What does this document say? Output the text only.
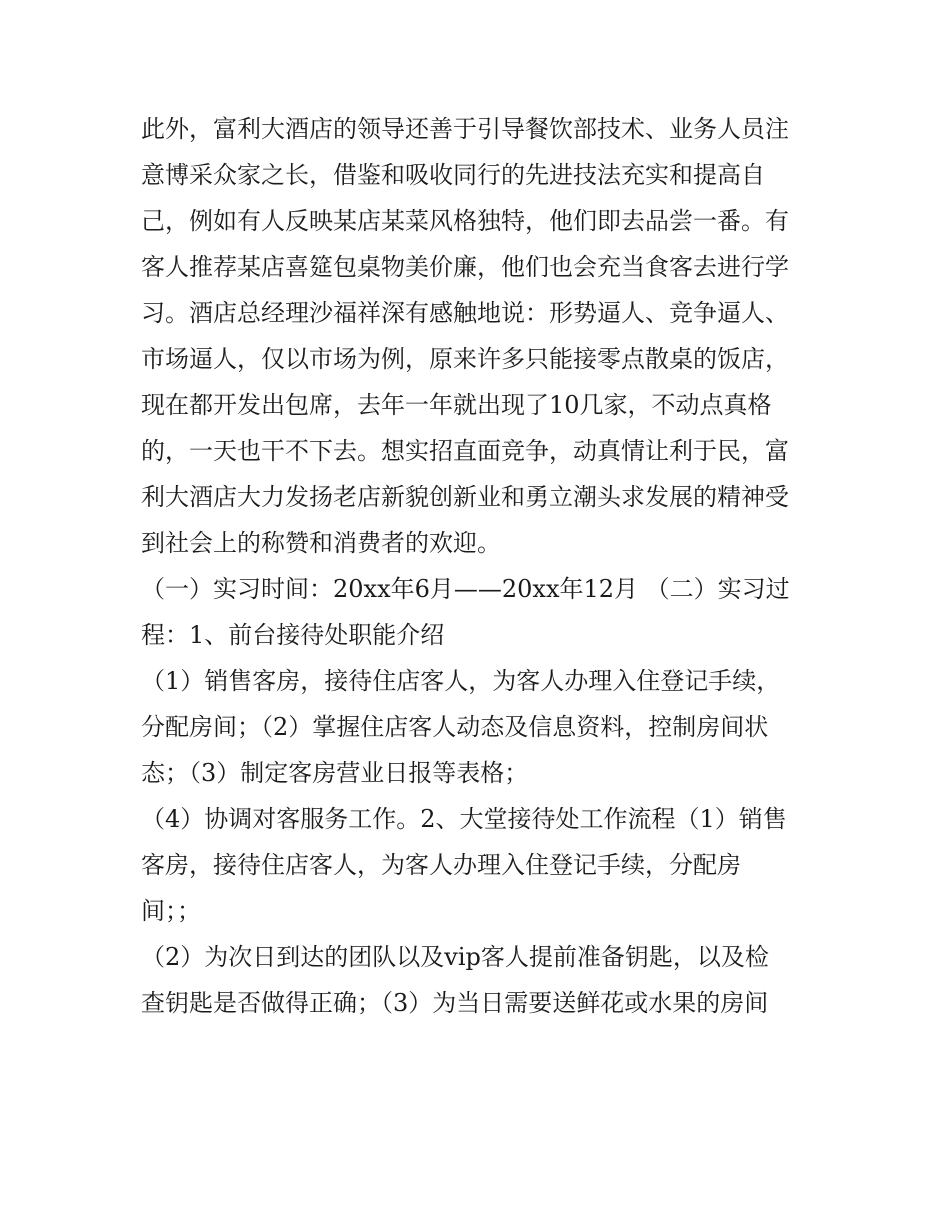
此外，富利大酒店的领导还善于引导餐饮部技术、业务人员注
意博采众家之长，借鉴和吸收同行的先进技法充实和提高自
己，例如有人反映某店某菜风格独特，他们即去品尝一番。有
客人推荐某店喜筵包桌物美价廉，他们也会充当食客去进行学
习。酒店总经理沙福祥深有感触地说：形势逼人、竞争逼人、
市场逼人，仅以市场为例，原来许多只能接零点散桌的饭店，
现在都开发出包席，去年一年就出现了10几家，不动点真格
的，一天也干不下去。想实招直面竞争，动真情让利于民，富
利大酒店大力发扬老店新貌创新业和勇立潮头求发展的精神受
到社会上的称赞和消费者的欢迎。
（一）实习时间：20xx年6月——20xx年12月 （二）实习过
程：1、前台接待处职能介绍
（1）销售客房，接待住店客人，为客人办理入住登记手续，
分配房间；（2）掌握住店客人动态及信息资料，控制房间状
态；（3）制定客房营业日报等表格；
（4）协调对客服务工作。2、大堂接待处工作流程（1）销售
客房，接待住店客人，为客人办理入住登记手续，分配房
间；；
（2）为次日到达的团队以及vip客人提前准备钥匙，以及检
查钥匙是否做得正确；（3）为当日需要送鲜花或水果的房间
